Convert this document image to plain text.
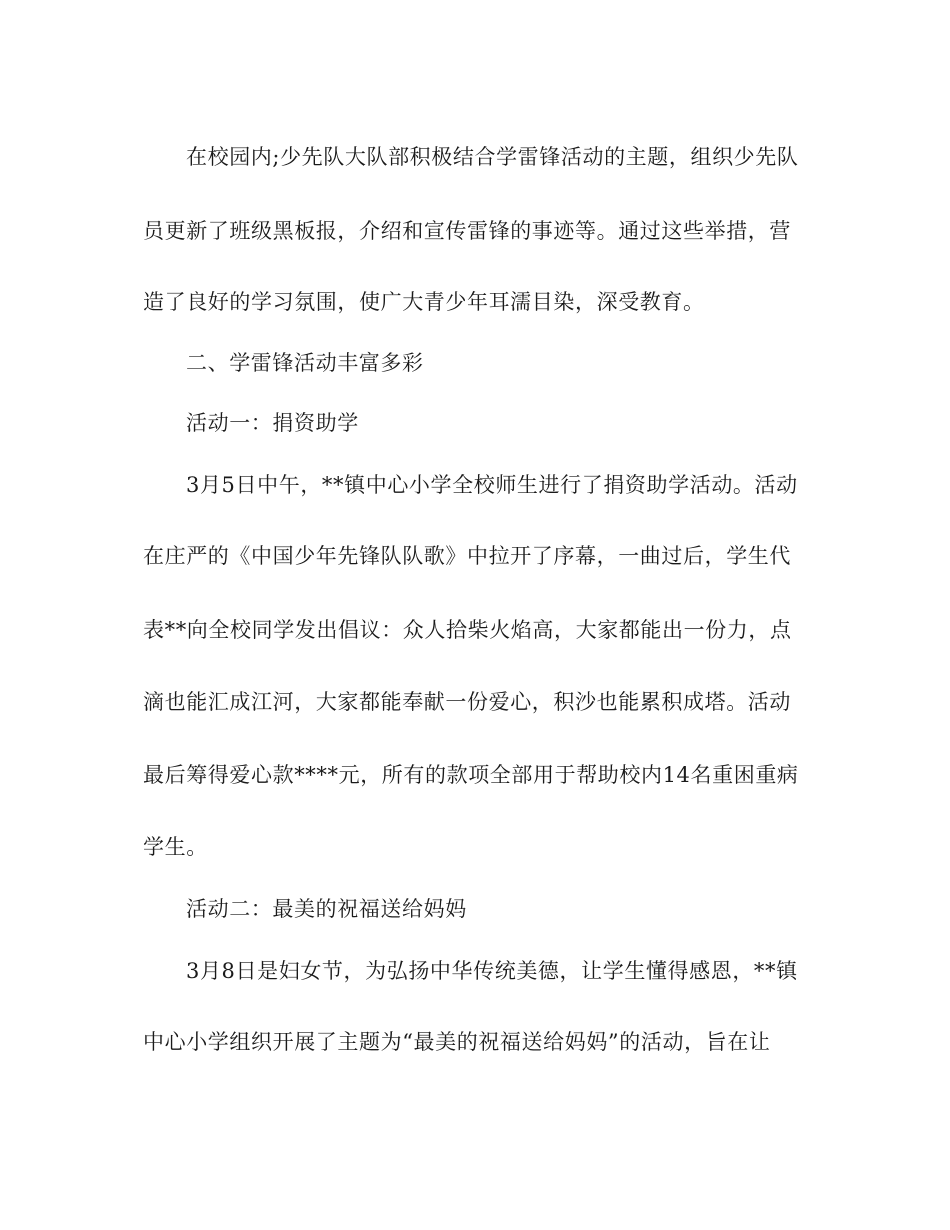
在校园内;少先队大队部积极结合学雷锋活动的主题，组织少先队
员更新了班级黑板报，介绍和宣传雷锋的事迹等。通过这些举措，营
造了良好的学习氛围，使广大青少年耳濡目染，深受教育。
二、学雷锋活动丰富多彩
活动一：捐资助学
3月5日中午，**镇中心小学全校师生进行了捐资助学活动。活动
在庄严的《中国少年先锋队队歌》中拉开了序幕，一曲过后，学生代
表**向全校同学发出倡议：众人拾柴火焰高，大家都能出一份力，点
滴也能汇成江河，大家都能奉献一份爱心，积沙也能累积成塔。活动
最后筹得爱心款****元，所有的款项全部用于帮助校内14名重困重病
学生。
活动二：最美的祝福送给妈妈
3月8日是妇女节，为弘扬中华传统美德，让学生懂得感恩，**镇
中心小学组织开展了主题为“最美的祝福送给妈妈”的活动，旨在让
